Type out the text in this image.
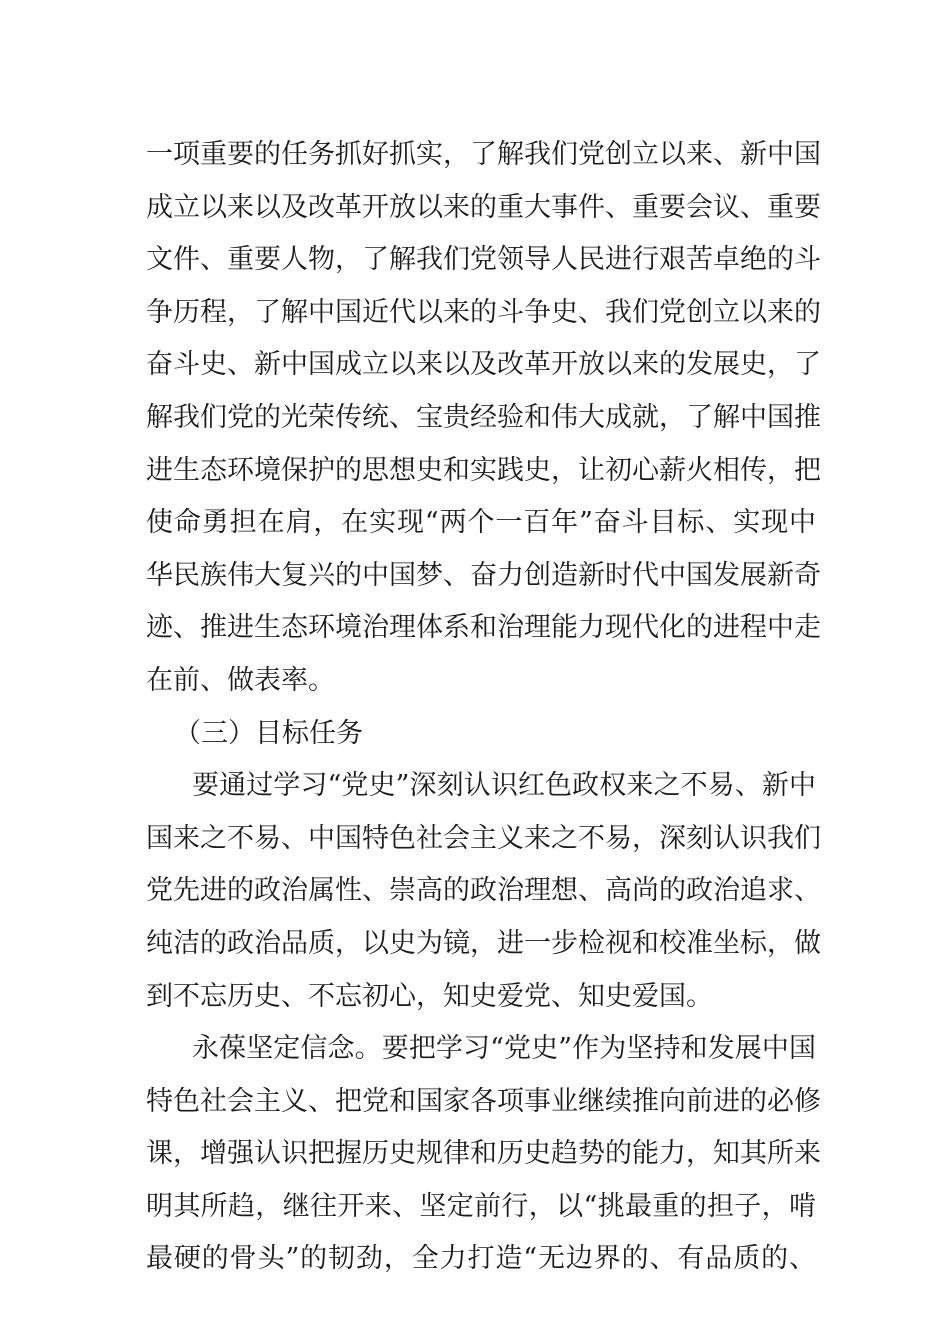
一项重要的任务抓好抓实，了解我们党创立以来、新中国
成立以来以及改革开放以来的重大事件、重要会议、重要
文件、重要人物，了解我们党领导人民进行艰苦卓绝的斗
争历程，了解中国近代以来的斗争史、我们党创立以来的
奋斗史、新中国成立以来以及改革开放以来的发展史，了
解我们党的光荣传统、宝贵经验和伟大成就，了解中国推
进生态环境保护的思想史和实践史，让初心薪火相传，把
使命勇担在肩，在实现“两个一百年”奋斗目标、实现中
华民族伟大复兴的中国梦、奋力创造新时代中国发展新奇
迹、推进生态环境治理体系和治理能力现代化的进程中走
在前、做表率。
（三）目标任务
要通过学习“党史”深刻认识红色政权来之不易、新中
国来之不易、中国特色社会主义来之不易，深刻认识我们
党先进的政治属性、崇高的政治理想、高尚的政治追求、
纯洁的政治品质，以史为镜，进一步检视和校准坐标，做
到不忘历史、不忘初心，知史爱党、知史爱国。
永葆坚定信念。要把学习“党史”作为坚持和发展中国
特色社会主义、把党和国家各项事业继续推向前进的必修
课，增强认识把握历史规律和历史趋势的能力，知其所来
明其所趋，继往开来、坚定前行，以“挑最重的担子，啃
最硬的骨头”的韧劲，全力打造“无边界的、有品质的、
